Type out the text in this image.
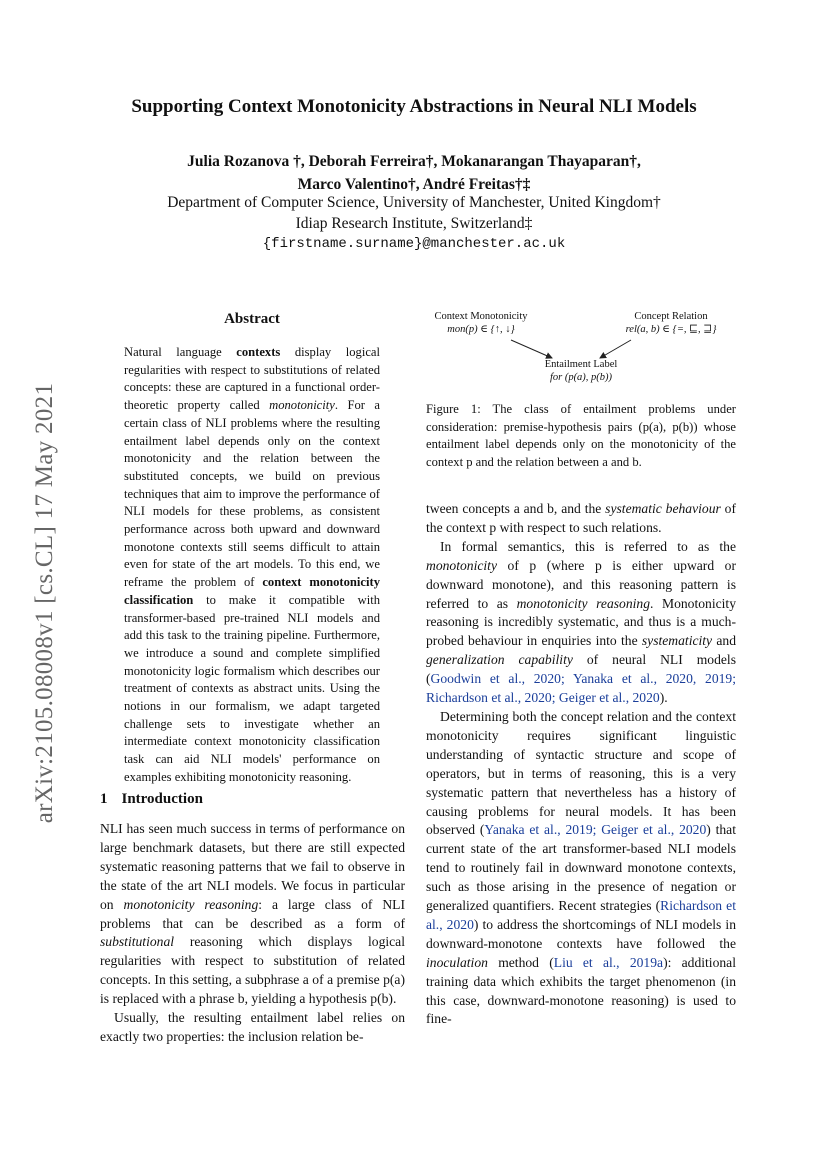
Supporting Context Monotonicity Abstractions in Neural NLI Models
Julia Rozanova †, Deborah Ferreira†, Mokanarangan Thayaparan†,
Marco Valentino†, André Freitas†‡
Department of Computer Science, University of Manchester, United Kingdom†
Idiap Research Institute, Switzerland‡
{firstname.surname}@manchester.ac.uk
arXiv:2105.08008v1 [cs.CL] 17 May 2021
Abstract
Natural language contexts display logical regularities with respect to substitutions of related concepts: these are captured in a functional order-theoretic property called monotonicity. For a certain class of NLI problems where the resulting entailment label depends only on the context monotonicity and the relation between the substituted concepts, we build on previous techniques that aim to improve the performance of NLI models for these problems, as consistent performance across both upward and downward monotone contexts still seems difficult to attain even for state of the art models. To this end, we reframe the problem of context monotonicity classification to make it compatible with transformer-based pre-trained NLI models and add this task to the training pipeline. Furthermore, we introduce a sound and complete simplified monotonicity logic formalism which describes our treatment of contexts as abstract units. Using the notions in our formalism, we adapt targeted challenge sets to investigate whether an intermediate context monotonicity classification task can aid NLI models' performance on examples exhibiting monotonicity reasoning.
1 Introduction

NLI has seen much success in terms of performance on large benchmark datasets, but there are still expected systematic reasoning patterns that we fail to observe in the state of the art NLI models. We focus in particular on monotonicity reasoning: a large class of NLI problems that can be described as a form of substitutional reasoning which displays logical regularities with respect to substitution of related concepts. In this setting, a subphrase a of a premise p(a) is replaced with a phrase b, yielding a hypothesis p(b).

Usually, the resulting entailment label relies on exactly two properties: the inclusion relation be-

Context Monotonicity
mon(p) ∈ {↑, ↓}
Concept Relation
rel(a, b) ∈ {=, ⊑, ⊒}
Entailment Label
for (p(a), p(b))
Figure 1: The class of entailment problems under consideration: premise-hypothesis pairs (p(a), p(b)) whose entailment label depends only on the monotonicity of the context p and the relation between a and b.

tween concepts a and b, and the systematic behaviour of the context p with respect to such relations.

In formal semantics, this is referred to as the monotonicity of p (where p is either upward or downward monotone), and this reasoning pattern is referred to as monotonicity reasoning. Monotonicity reasoning is incredibly systematic, and thus is a much-probed behaviour in enquiries into the systematicity and generalization capability of neural NLI models (Goodwin et al., 2020; Yanaka et al., 2020, 2019; Richardson et al., 2020; Geiger et al., 2020).

Determining both the concept relation and the context monotonicity requires significant linguistic understanding of syntactic structure and scope of operators, but in terms of reasoning, this is a very systematic pattern that nevertheless has a history of causing problems for neural models. It has been observed (Yanaka et al., 2019; Geiger et al., 2020) that current state of the art transformer-based NLI models tend to routinely fail in downward monotone contexts, such as those arising in the presence of negation or generalized quantifiers. Recent strategies (Richardson et al., 2020) to address the shortcomings of NLI models in downward-monotone contexts have followed the inoculation method (Liu et al., 2019a): additional training data which exhibits the target phenomenon (in this case, downward-monotone reasoning) is used to fine-
